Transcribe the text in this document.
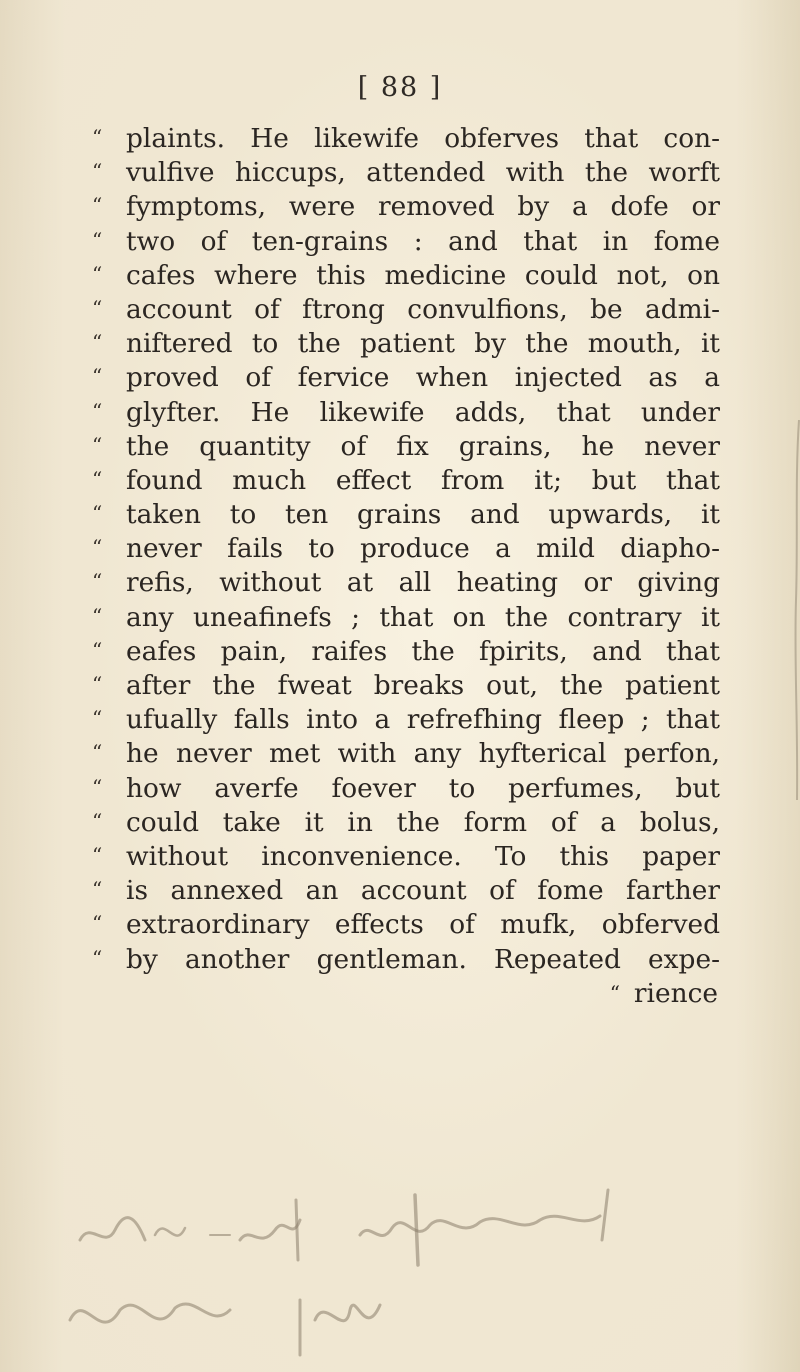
[ 88 ]
“ plaints. He likewife obferves that con-
“ vulfive hiccups, attended with the worft
“ fymptoms, were removed by a dofe or
“ two of ten-grains : and that in fome
“ cafes where this medicine could not, on
“ account of ftrong convulfions, be admi-
“ niftered to the patient by the mouth, it
“ proved of fervice when injected as a
“ glyfter. He likewife adds, that under
“ the quantity of fix grains, he never
“ found much effect from it; but that
“ taken to ten grains and upwards, it
“ never fails to produce a mild diapho-
“ refis, without at all heating or giving
“ any uneafinefs ; that on the contrary it
“ eafes pain, raifes the fpirits, and that
“ after the fweat breaks out, the patient
“ ufually falls into a refrefhing fleep ; that
“ he never met with any hyfterical perfon,
“ how averfe foever to perfumes, but
“ could take it in the form of a bolus,
“ without inconvenience. To this paper
“ is annexed an account of fome farther
“ extraordinary effects of mufk, obferved
“ by another gentleman. Repeated expe-
“ rience
